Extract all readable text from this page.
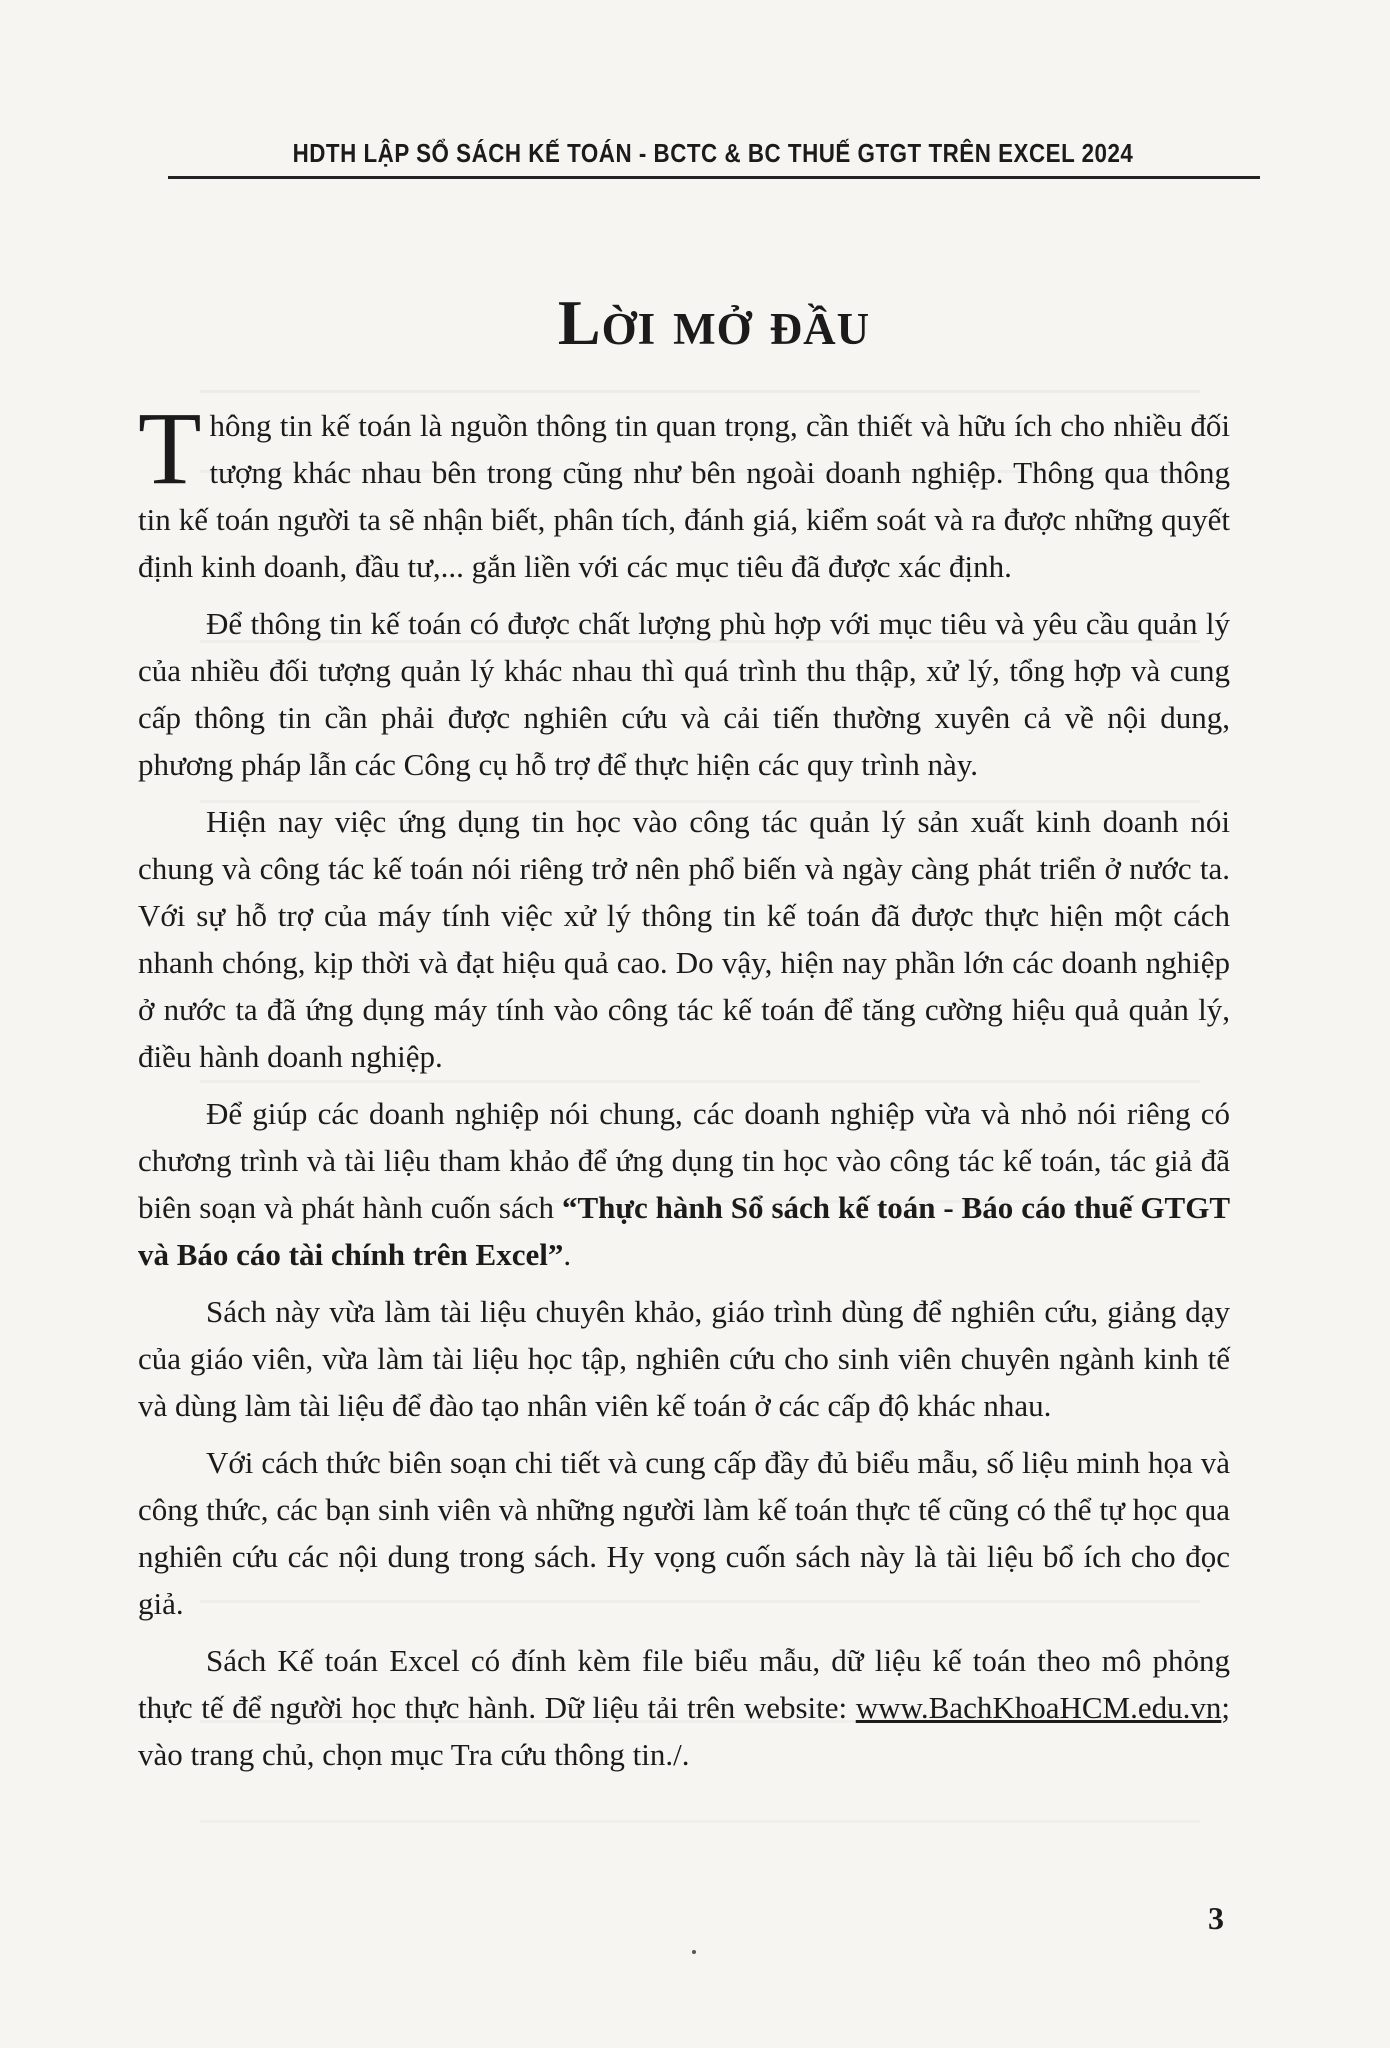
HDTH LẬP SỔ SÁCH KẾ TOÁN - BCTC & BC THUẾ GTGT TRÊN EXCEL 2024
Lời mở đầu

Thông tin kế toán là nguồn thông tin quan trọng, cần thiết và hữu ích cho nhiều đối tượng khác nhau bên trong cũng như bên ngoài doanh nghiệp. Thông qua thông tin kế toán người ta sẽ nhận biết, phân tích, đánh giá, kiểm soát và ra được những quyết định kinh doanh, đầu tư,... gắn liền với các mục tiêu đã được xác định.

Để thông tin kế toán có được chất lượng phù hợp với mục tiêu và yêu cầu quản lý của nhiều đối tượng quản lý khác nhau thì quá trình thu thập, xử lý, tổng hợp và cung cấp thông tin cần phải được nghiên cứu và cải tiến thường xuyên cả về nội dung, phương pháp lẫn các Công cụ hỗ trợ để thực hiện các quy trình này.

Hiện nay việc ứng dụng tin học vào công tác quản lý sản xuất kinh doanh nói chung và công tác kế toán nói riêng trở nên phổ biến và ngày càng phát triển ở nước ta. Với sự hỗ trợ của máy tính việc xử lý thông tin kế toán đã được thực hiện một cách nhanh chóng, kịp thời và đạt hiệu quả cao. Do vậy, hiện nay phần lớn các doanh nghiệp ở nước ta đã ứng dụng máy tính vào công tác kế toán để tăng cường hiệu quả quản lý, điều hành doanh nghiệp.

Để giúp các doanh nghiệp nói chung, các doanh nghiệp vừa và nhỏ nói riêng có chương trình và tài liệu tham khảo để ứng dụng tin học vào công tác kế toán, tác giả đã biên soạn và phát hành cuốn sách “Thực hành Sổ sách kế toán - Báo cáo thuế GTGT và Báo cáo tài chính trên Excel”.

Sách này vừa làm tài liệu chuyên khảo, giáo trình dùng để nghiên cứu, giảng dạy của giáo viên, vừa làm tài liệu học tập, nghiên cứu cho sinh viên chuyên ngành kinh tế và dùng làm tài liệu để đào tạo nhân viên kế toán ở các cấp độ khác nhau.

Với cách thức biên soạn chi tiết và cung cấp đầy đủ biểu mẫu, số liệu minh họa và công thức, các bạn sinh viên và những người làm kế toán thực tế cũng có thể tự học qua nghiên cứu các nội dung trong sách. Hy vọng cuốn sách này là tài liệu bổ ích cho đọc giả.

Sách Kế toán Excel có đính kèm file biểu mẫu, dữ liệu kế toán theo mô phỏng thực tế để người học thực hành. Dữ liệu tải trên website: www.BachKhoaHCM.edu.vn; vào trang chủ, chọn mục Tra cứu thông tin./.

3
